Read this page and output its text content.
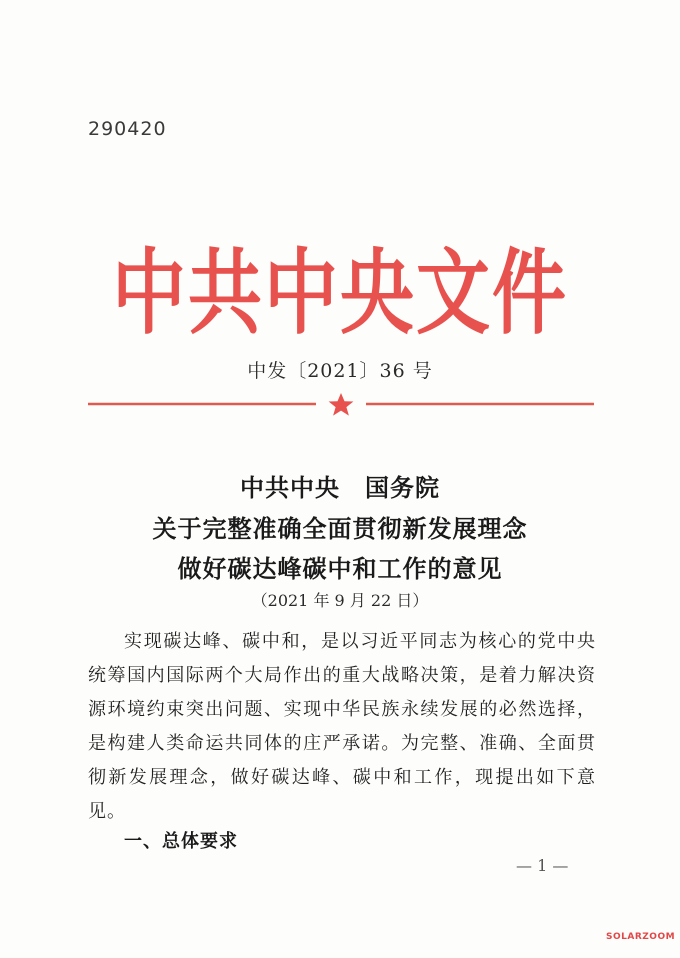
290420
中共中央文件
中发〔2021〕36 号
中共中央　国务院
关于完整准确全面贯彻新发展理念
做好碳达峰碳中和工作的意见
（2021 年 9 月 22 日）
实现碳达峰、碳中和，是以习近平同志为核心的党中央统筹国内国际两个大局作出的重大战略决策，是着力解决资源环境约束突出问题、实现中华民族永续发展的必然选择，是构建人类命运共同体的庄严承诺。为完整、准确、全面贯彻新发展理念，做好碳达峰、碳中和工作，现提出如下意见。
一、总体要求
— 1 —
SOLARZOOM
